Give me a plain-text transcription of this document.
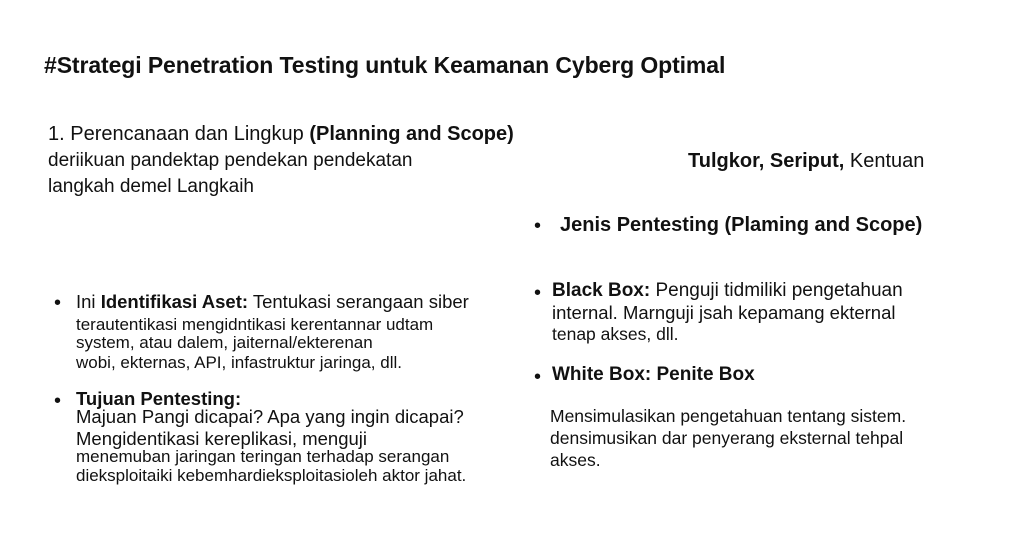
#Strategi Penetration Testing untuk Keamanan Cyberg Optimal
1. Perencanaan dan Lingkup (Planning and Scope)
deriikuan pandektap pendekan pendekatan
langkah demel Langkaih
Tulgkor, Seriput, Kentuan
• Jenis Pentesting (Plaming and Scope)
• Ini Identifikasi Aset: Tentukasi serangaan siber
terautentikasi mengidntikasi kerentannar udtam
system, atau dalem, jaiternal/ekterenan
wobi, ekternas, API, infastruktur jaringa, dll.
• Tujuan Pentesting:
Majuan Pangi dicapai? Apa yang ingin dicapai?
Mengidentikasi kereplikasi, menguji
menemuban jaringan teringan terhadap serangan
dieksploitaiki kebemhardieksploitasioleh aktor jahat.
• Black Box: Penguji tidmiliki pengetahuan
internal. Marnguji jsah kepamang ekternal
tenap akses, dll.
• White Box: Penite Box
Mensimulasikan pengetahuan tentang sistem.
densimusikan dar penyerang eksternal tehpal
akses.
